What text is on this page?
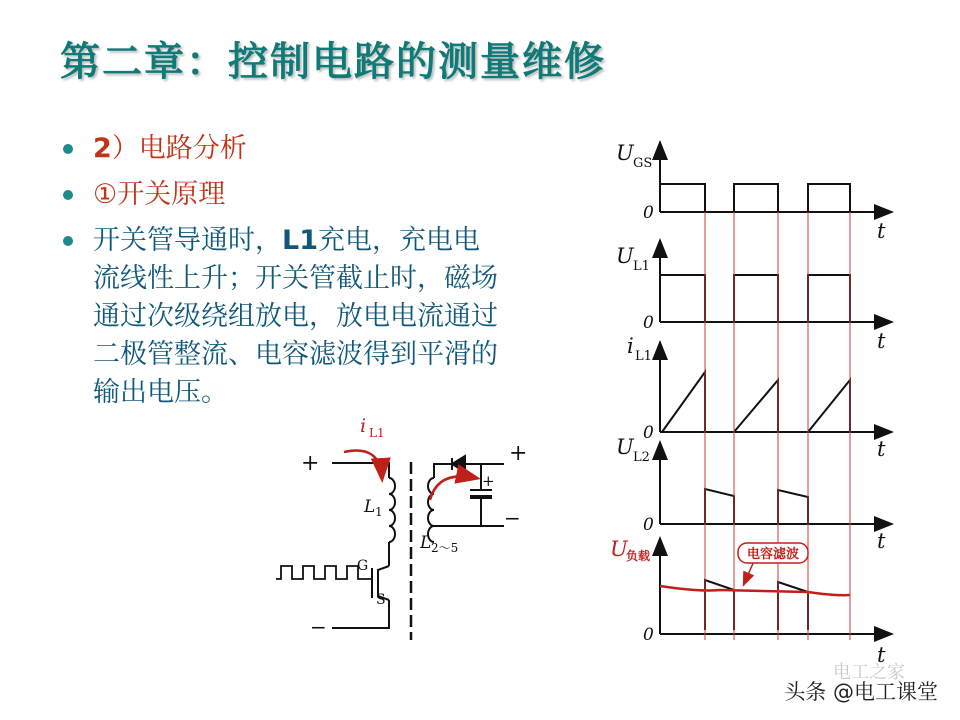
第二章：控制电路的测量维修
2）电路分析
①开关原理
开关管导通时，L1充电，充电电
流线性上升；开关管截止时，磁场
通过次级绕组放电，放电电流通过
二极管整流、电容滤波得到平滑的
输出电压。
+
−
i L1
L 1
L 2～5
G
S
+
−
+
电容滤波
U GS
U L1
i L1
U L2
U
负载
0
0
0
0
0
t
t
t
t
t
电工之家
头条 @电工课堂
